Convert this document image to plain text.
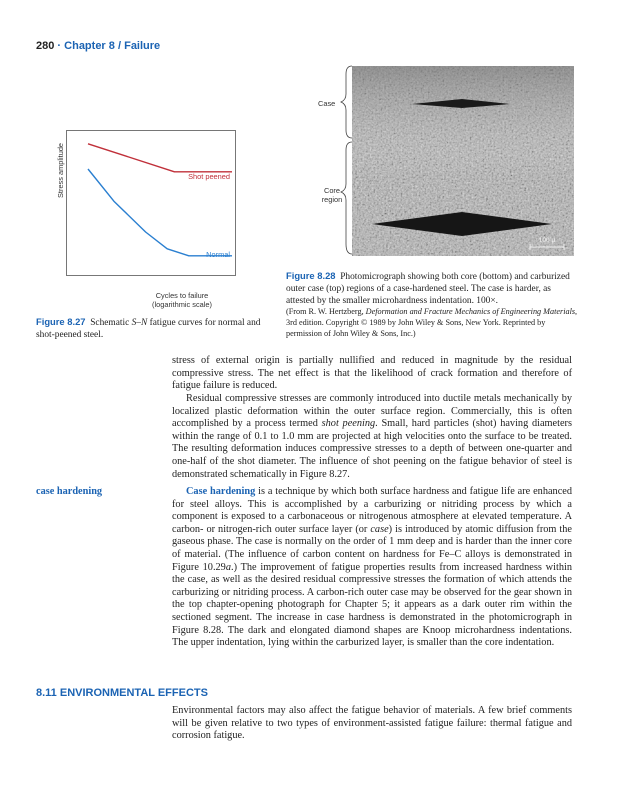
280 · Chapter 8 / Failure
Shot peened
Normal
Stress amplitude
Cycles to failure
(logarithmic scale)
Figure 8.27 Schematic S–N fatigue curves for normal and shot-peened steel.
Case
Core
region
100 μ
Figure 8.28 Photomicrograph showing both core (bottom) and carburized outer case (top) regions of a case-hardened steel. The case is harder, as attested by the smaller microhardness indentation. 100×.
(From R. W. Hertzberg, Deformation and Fracture Mechanics of Engineering Materials, 3rd edition. Copyright © 1989 by John Wiley & Sons, New York. Reprinted by permission of John Wiley & Sons, Inc.)
stress of external origin is partially nullified and reduced in magnitude by the residual compressive stress. The net effect is that the likelihood of crack formation and therefore of fatigue failure is reduced.
Residual compressive stresses are commonly introduced into ductile metals mechanically by localized plastic deformation within the outer surface region. Commercially, this is often accomplished by a process termed shot peening. Small, hard particles (shot) having diameters within the range of 0.1 to 1.0 mm are projected at high velocities onto the surface to be treated. The resulting deformation induces compressive stresses to a depth of between one-quarter and one-half of the shot diameter. The influence of shot peening on the fatigue behavior of steel is demonstrated schematically in Figure 8.27.
case hardening	Case hardening is a technique by which both surface hardness and fatigue life are enhanced for steel alloys. This is accomplished by a carburizing or nitriding process by which a component is exposed to a carbonaceous or nitrogenous atmosphere at elevated temperature. A carbon- or nitrogen-rich outer surface layer (or case) is introduced by atomic diffusion from the gaseous phase. The case is normally on the order of 1 mm deep and is harder than the inner core of material. (The influence of carbon content on hardness for Fe–C alloys is demonstrated in Figure 10.29a.) The improvement of fatigue properties results from increased hardness within the case, as well as the desired residual compressive stresses the formation of which attends the carburizing or nitriding process. A carbon-rich outer case may be observed for the gear shown in the top chapter-opening photograph for Chapter 5; it appears as a dark outer rim within the sectioned segment. The increase in case hardness is demonstrated in the photomicrograph in Figure 8.28. The dark and elongated diamond shapes are Knoop microhardness indentations. The upper indentation, lying within the carburized layer, is smaller than the core indentation.
8.11 ENVIRONMENTAL EFFECTS
Environmental factors may also affect the fatigue behavior of materials. A few brief comments will be given relative to two types of environment-assisted fatigue failure: thermal fatigue and corrosion fatigue.
